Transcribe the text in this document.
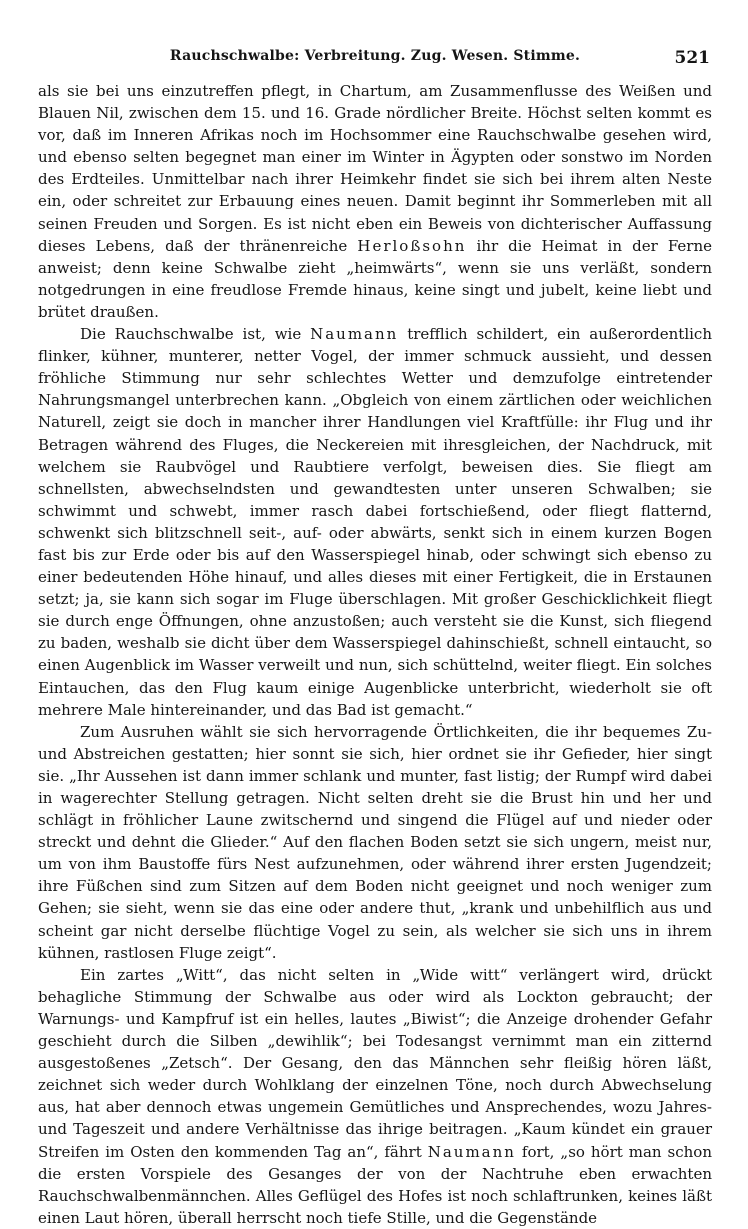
Rauchschwalbe: Verbreitung. Zug. Wesen. Stimme.	521

als sie bei uns einzutreffen pflegt, in Chartum, am Zusammenflusse des Weißen und Blauen Nil, zwischen dem 15. und 16. Grade nördlicher Breite. Höchst selten kommt es vor, daß im Inneren Afrikas noch im Hochsommer eine Rauchschwalbe gesehen wird, und ebenso selten begegnet man einer im Winter in Ägypten oder sonstwo im Norden des Erdteiles. Unmittelbar nach ihrer Heimkehr findet sie sich bei ihrem alten Neste ein, oder schreitet zur Erbauung eines neuen. Damit beginnt ihr Sommerleben mit all seinen Freuden und Sorgen. Es ist nicht eben ein Beweis von dichterischer Auffassung dieses Lebens, daß der thränenreiche Herloßsohn ihr die Heimat in der Ferne anweist; denn keine Schwalbe zieht „heimwärts“, wenn sie uns verläßt, sondern notgedrungen in eine freudlose Fremde hinaus, keine singt und jubelt, keine liebt und brütet draußen.

Die Rauchschwalbe ist, wie Naumann trefflich schildert, ein außerordentlich flinker, kühner, munterer, netter Vogel, der immer schmuck aussieht, und dessen fröhliche Stimmung nur sehr schlechtes Wetter und demzufolge eintretender Nahrungsmangel unterbrechen kann. „Obgleich von einem zärtlichen oder weichlichen Naturell, zeigt sie doch in mancher ihrer Handlungen viel Kraftfülle: ihr Flug und ihr Betragen während des Fluges, die Neckereien mit ihresgleichen, der Nachdruck, mit welchem sie Raubvögel und Raubtiere verfolgt, beweisen dies. Sie fliegt am schnellsten, abwechselndsten und gewandtesten unter unseren Schwalben; sie schwimmt und schwebt, immer rasch dabei fortschießend, oder fliegt flatternd, schwenkt sich blitzschnell seit-, auf- oder abwärts, senkt sich in einem kurzen Bogen fast bis zur Erde oder bis auf den Wasserspiegel hinab, oder schwingt sich ebenso zu einer bedeutenden Höhe hinauf, und alles dieses mit einer Fertigkeit, die in Erstaunen setzt; ja, sie kann sich sogar im Fluge überschlagen. Mit großer Geschicklichkeit fliegt sie durch enge Öffnungen, ohne anzustoßen; auch versteht sie die Kunst, sich fliegend zu baden, weshalb sie dicht über dem Wasserspiegel dahinschießt, schnell eintaucht, so einen Augenblick im Wasser verweilt und nun, sich schüttelnd, weiter fliegt. Ein solches Eintauchen, das den Flug kaum einige Augenblicke unterbricht, wiederholt sie oft mehrere Male hintereinander, und das Bad ist gemacht.“

Zum Ausruhen wählt sie sich hervorragende Örtlichkeiten, die ihr bequemes Zu- und Abstreichen gestatten; hier sonnt sie sich, hier ordnet sie ihr Gefieder, hier singt sie. „Ihr Aussehen ist dann immer schlank und munter, fast listig; der Rumpf wird dabei in wagerechter Stellung getragen. Nicht selten dreht sie die Brust hin und her und schlägt in fröhlicher Laune zwitschernd und singend die Flügel auf und nieder oder streckt und dehnt die Glieder.“ Auf den flachen Boden setzt sie sich ungern, meist nur, um von ihm Baustoffe fürs Nest aufzunehmen, oder während ihrer ersten Jugendzeit; ihre Füßchen sind zum Sitzen auf dem Boden nicht geeignet und noch weniger zum Gehen; sie sieht, wenn sie das eine oder andere thut, „krank und unbehilflich aus und scheint gar nicht derselbe flüchtige Vogel zu sein, als welcher sie sich uns in ihrem kühnen, rastlosen Fluge zeigt“.

Ein zartes „Witt“, das nicht selten in „Wide witt“ verlängert wird, drückt behagliche Stimmung der Schwalbe aus oder wird als Lockton gebraucht; der Warnungs- und Kampfruf ist ein helles, lautes „Biwist“; die Anzeige drohender Gefahr geschieht durch die Silben „dewihlik“; bei Todesangst vernimmt man ein zitternd ausgestoßenes „Zetsch“. Der Gesang, den das Männchen sehr fleißig hören läßt, zeichnet sich weder durch Wohlklang der einzelnen Töne, noch durch Abwechselung aus, hat aber dennoch etwas ungemein Gemütliches und Ansprechendes, wozu Jahres- und Tageszeit und andere Verhältnisse das ihrige beitragen. „Kaum kündet ein grauer Streifen im Osten den kommenden Tag an“, fährt Naumann fort, „so hört man schon die ersten Vorspiele des Gesanges der von der Nachtruhe eben erwachten Rauchschwalbenmännchen. Alles Geflügel des Hofes ist noch schlaftrunken, keines läßt einen Laut hören, überall herrscht noch tiefe Stille, und die Gegenstände
